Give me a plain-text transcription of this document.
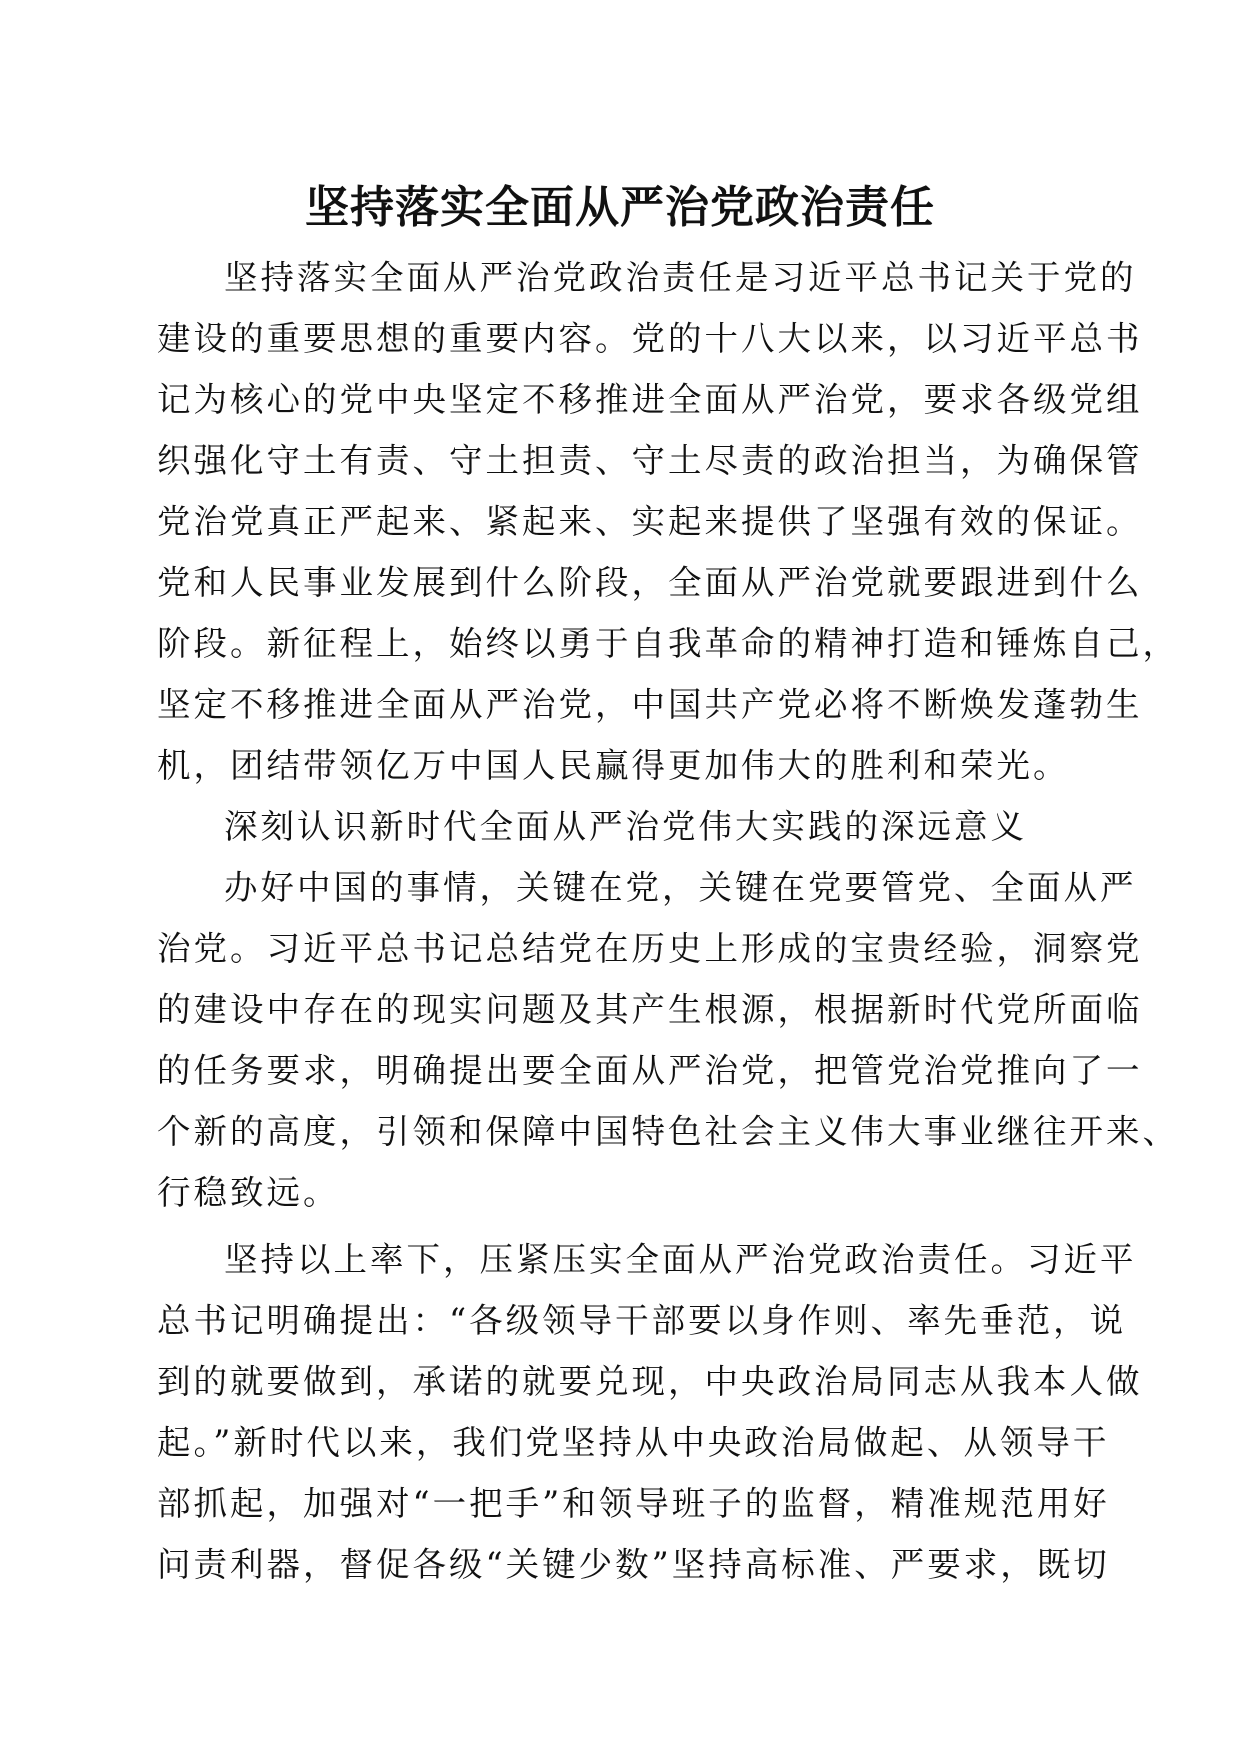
坚持落实全面从严治党政治责任
坚持落实全面从严治党政治责任是习近平总书记关于党的
建设的重要思想的重要内容。党的十八大以来，以习近平总书
记为核心的党中央坚定不移推进全面从严治党，要求各级党组
织强化守土有责、守土担责、守土尽责的政治担当，为确保管
党治党真正严起来、紧起来、实起来提供了坚强有效的保证。
党和人民事业发展到什么阶段，全面从严治党就要跟进到什么
阶段。新征程上，始终以勇于自我革命的精神打造和锤炼自己，
坚定不移推进全面从严治党，中国共产党必将不断焕发蓬勃生
机，团结带领亿万中国人民赢得更加伟大的胜利和荣光。
深刻认识新时代全面从严治党伟大实践的深远意义
办好中国的事情，关键在党，关键在党要管党、全面从严
治党。习近平总书记总结党在历史上形成的宝贵经验，洞察党
的建设中存在的现实问题及其产生根源，根据新时代党所面临
的任务要求，明确提出要全面从严治党，把管党治党推向了一
个新的高度，引领和保障中国特色社会主义伟大事业继往开来、
行稳致远。
坚持以上率下，压紧压实全面从严治党政治责任。习近平
总书记明确提出：“各级领导干部要以身作则、率先垂范，说
到的就要做到，承诺的就要兑现，中央政治局同志从我本人做
起。”新时代以来，我们党坚持从中央政治局做起、从领导干
部抓起，加强对“一把手”和领导班子的监督，精准规范用好
问责利器，督促各级“关键少数”坚持高标准、严要求，既切
